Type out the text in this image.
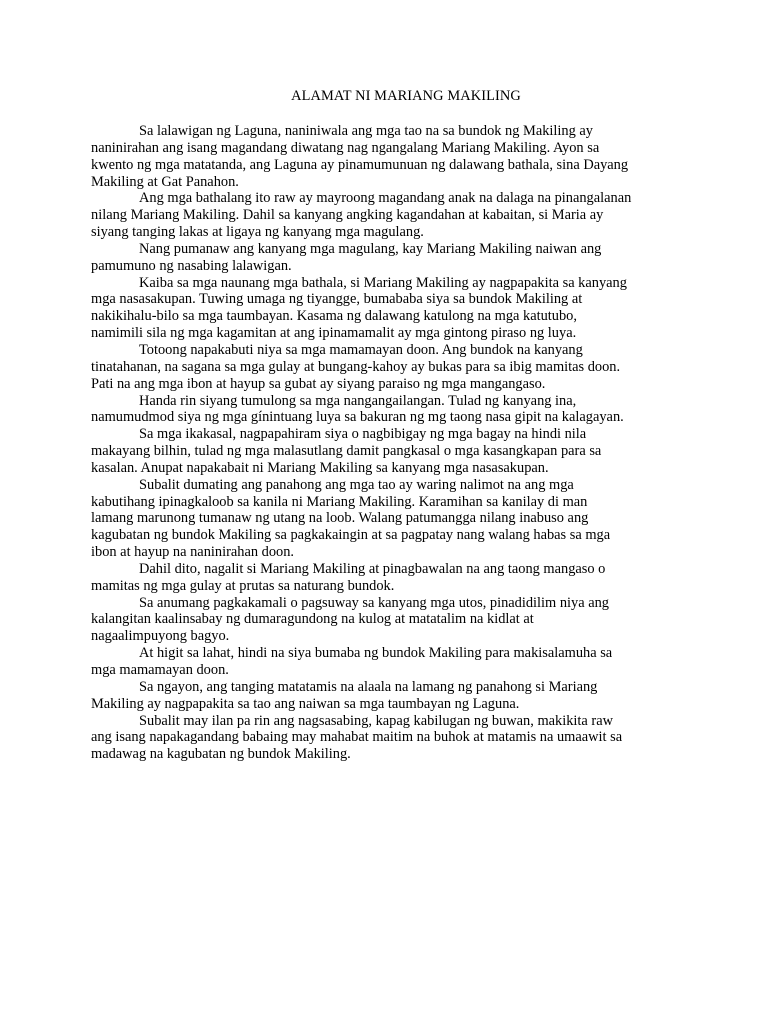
ALAMAT NI MARIANG MAKILING
Sa lalawigan ng Laguna, naniniwala ang mga tao na sa bundok ng Makiling ay
naninirahan ang isang magandang diwatang nag ngangalang Mariang Makiling. Ayon sa
kwento ng mga matatanda, ang Laguna ay pinamumunuan ng dalawang bathala, sina Dayang
Makiling at Gat Panahon.
Ang mga bathalang ito raw ay mayroong magandang anak na dalaga na pinangalanan
nilang Mariang Makiling. Dahil sa kanyang angking kagandahan at kabaitan, si Maria ay
siyang tanging lakas at ligaya ng kanyang mga magulang.
Nang pumanaw ang kanyang mga magulang, kay Mariang Makiling naiwan ang
pamumuno ng nasabing lalawigan.
Kaiba sa mga naunang mga bathala, si Mariang Makiling ay nagpapakita sa kanyang
mga nasasakupan. Tuwing umaga ng tiyangge, bumababa siya sa bundok Makiling at
nakikihalu-bilo sa mga taumbayan. Kasama ng dalawang katulong na mga katutubo,
namimili sila ng mga kagamitan at ang ipinamamalit ay mga gintong piraso ng luya.
Totoong napakabuti niya sa mga mamamayan doon. Ang bundok na kanyang
tinatahanan, na sagana sa mga gulay at bungang-kahoy ay bukas para sa ibig mamitas doon.
Pati na ang mga ibon at hayup sa gubat ay siyang paraiso ng mga mangangaso.
Handa rin siyang tumulong sa mga nangangailangan. Tulad ng kanyang ina,
namumudmod siya ng mga gínintuang luya sa bakuran ng mg taong nasa gipit na kalagayan.
Sa mga ikakasal, nagpapahiram siya o nagbibigay ng mga bagay na hindi nila
makayang bilhin, tulad ng mga malasutlang damit pangkasal o mga kasangkapan para sa
kasalan. Anupat napakabait ni Mariang Makiling sa kanyang mga nasasakupan.
Subalit dumating ang panahong ang mga tao ay waring nalimot na ang mga
kabutihang ipinagkaloob sa kanila ni Mariang Makiling. Karamihan sa kanilay di man
lamang marunong tumanaw ng utang na loob. Walang patumangga nilang inabuso ang
kagubatan ng bundok Makiling sa pagkakaingin at sa pagpatay nang walang habas sa mga
ibon at hayup na naninirahan doon.
Dahil dito, nagalit si Mariang Makiling at pinagbawalan na ang taong mangaso o
mamitas ng mga gulay at prutas sa naturang bundok.
Sa anumang pagkakamali o pagsuway sa kanyang mga utos, pinadidilim niya ang
kalangitan kaalinsabay ng dumaragundong na kulog at matatalim na kidlat at
nagaalimpuyong bagyo.
At higit sa lahat, hindi na siya bumaba ng bundok Makiling para makisalamuha sa
mga mamamayan doon.
Sa ngayon, ang tanging matatamis na alaala na lamang ng panahong si Mariang
Makiling ay nagpapakita sa tao ang naiwan sa mga taumbayan ng Laguna.
Subalit may ilan pa rin ang nagsasabing, kapag kabilugan ng buwan, makikita raw
ang isang napakagandang babaing may mahabat maitim na buhok at matamis na umaawit sa
madawag na kagubatan ng bundok Makiling.
